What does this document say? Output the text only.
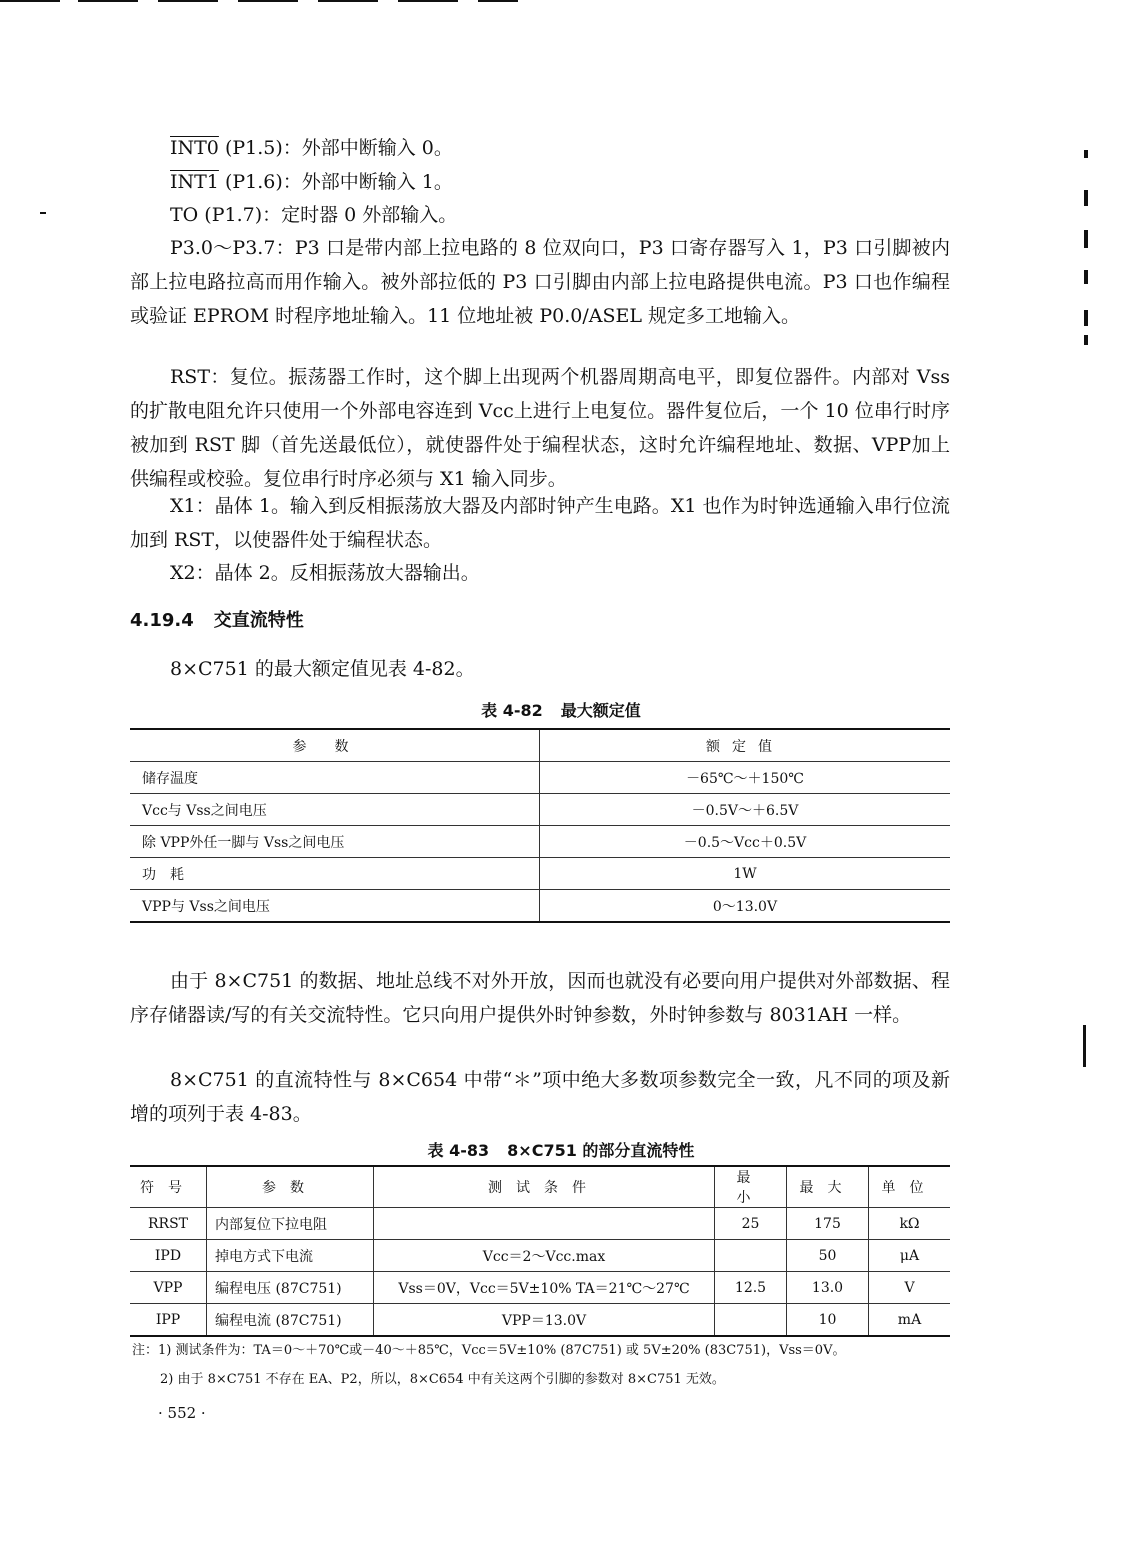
INT0 (P1.5)：外部中断输入 0。

INT1 (P1.6)：外部中断输入 1。

TO (P1.7)：定时器 0 外部输入。

P3.0～P3.7：P3 口是带内部上拉电路的 8 位双向口，P3 口寄存器写入 1，P3 口引脚被内部上拉电路拉高而用作输入。被外部拉低的 P3 口引脚由内部上拉电路提供电流。P3 口也作编程或验证 EPROM 时程序地址输入。11 位地址被 P0.0/ASEL 规定多工地输入。

RST：复位。振荡器工作时，这个脚上出现两个机器周期高电平，即复位器件。内部对 Vss的扩散电阻允许只使用一个外部电容连到 Vcc上进行上电复位。器件复位后，一个 10 位串行时序被加到 RST 脚（首先送最低位），就使器件处于编程状态，这时允许编程地址、数据、VPP加上供编程或校验。复位串行时序必须与 X1 输入同步。

X1：晶体 1。输入到反相振荡放大器及内部时钟产生电路。X1 也作为时钟选通输入串行位流加到 RST，以使器件处于编程状态。

X2：晶体 2。反相振荡放大器输出。

4.19.4 交直流特性

8×C751 的最大额定值见表 4-82。

表 4-82 最大额定值
参数	额定值
储存温度	－65℃～＋150℃
Vcc与 Vss之间电压	－0.5V～＋6.5V
除 VPP外任一脚与 Vss之间电压	－0.5～Vcc＋0.5V
功　耗	1W
VPP与 Vss之间电压	0～13.0V

由于 8×C751 的数据、地址总线不对外开放，因而也就没有必要向用户提供对外部数据、程序存储器读/写的有关交流特性。它只向用户提供外时钟参数，外时钟参数与 8031AH 一样。

8×C751 的直流特性与 8×C654 中带“＊”项中绝大多数项参数完全一致，凡不同的项及新增的项列于表 4-83。

表 4-83 8×C751 的部分直流特性
符号	参数	测试条件	最小	最大	单位
RRST	内部复位下拉电阻		25	175	kΩ
IPD	掉电方式下电流	Vcc＝2～Vcc.max		50	μA
VPP	编程电压 (87C751)	Vss＝0V，Vcc＝5V±10% TA＝21℃～27℃	12.5	13.0	V
IPP	编程电流 (87C751)	VPP＝13.0V		10	mA
注：1) 测试条件为：TA＝0～＋70℃或－40～＋85℃，Vcc＝5V±10% (87C751) 或 5V±20% (83C751)，Vss＝0V。
2) 由于 8×C751 不存在 EA、P2，所以，8×C654 中有关这两个引脚的参数对 8×C751 无效。
· 552 ·
